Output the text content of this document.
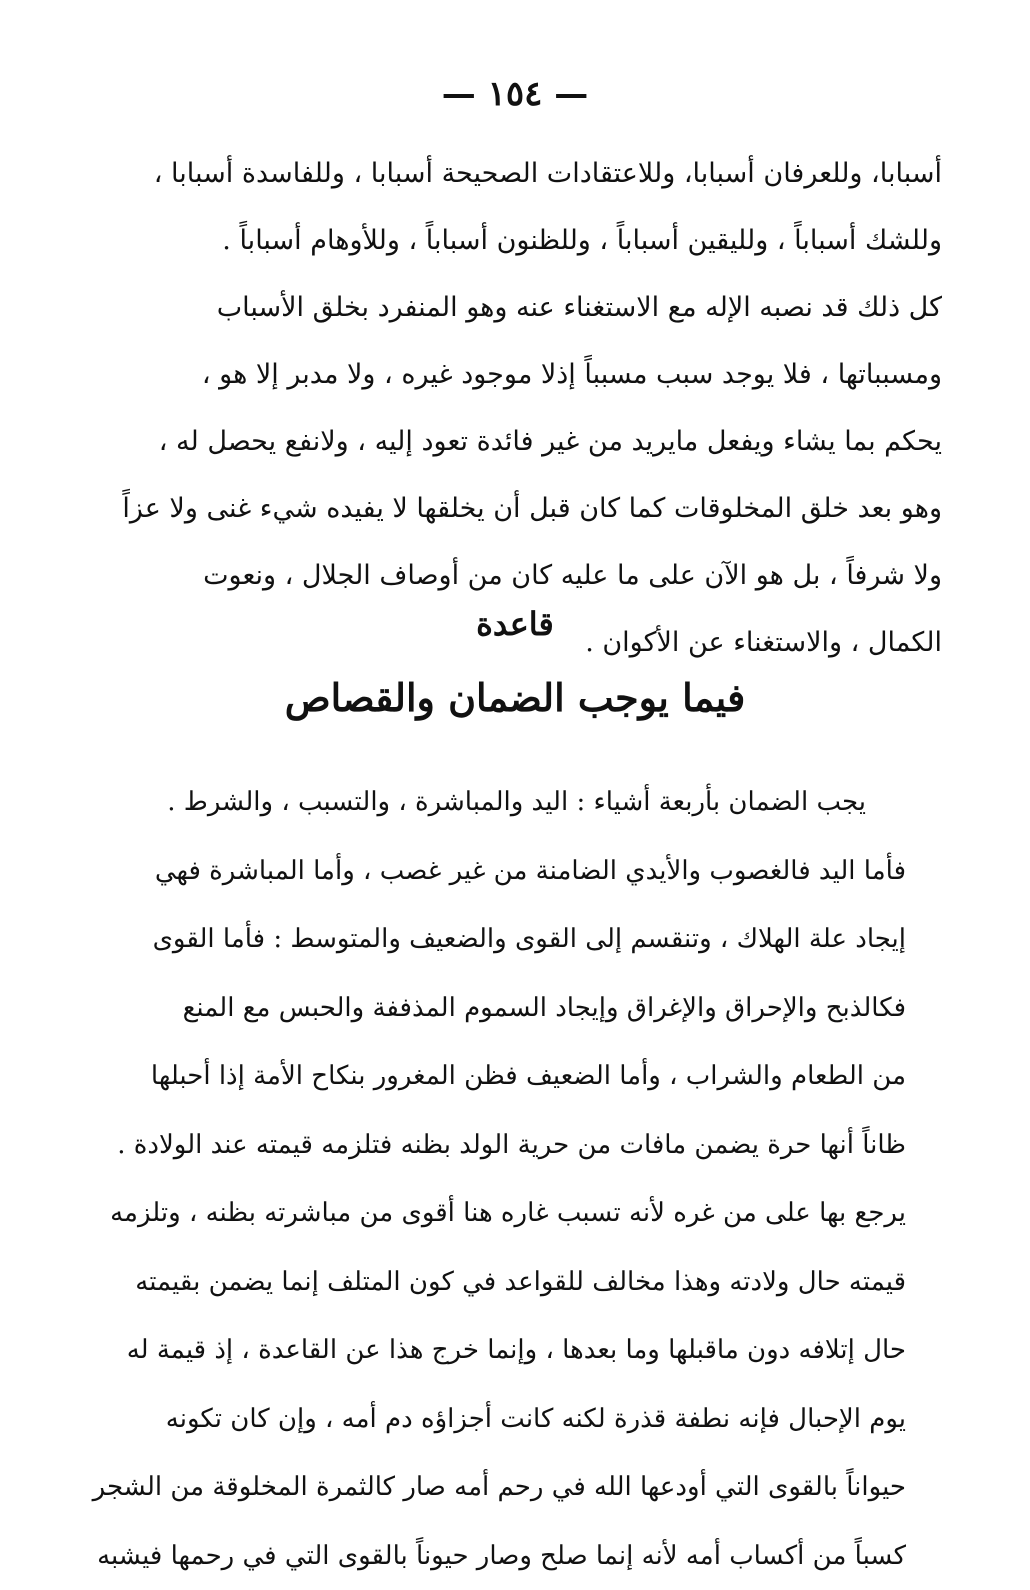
— ١٥٤ —
أسبابا، وللعرفان أسبابا، وللاعتقادات الصحيحة أسبابا ، وللفاسدة أسبابا ،
وللشك أسباباً ، ولليقين أسباباً ، وللظنون أسباباً ، وللأوهام أسباباً .
كل ذلك قد نصبه الإله مع الاستغناء عنه وهو المنفرد بخلق الأسباب
ومسبباتها ، فلا يوجد سبب مسبباً إذلا موجود غيره ، ولا مدبر إلا هو ،
يحكم بما يشاء ويفعل مايريد من غير فائدة تعود إليه ، ولانفع يحصل له ،
وهو بعد خلق المخلوقات كما كان قبل أن يخلقها لا يفيده شيء غنى ولا عزاً
ولا شرفاً ، بل هو الآن على ما عليه كان من أوصاف الجلال ، ونعوت
الكمال ، والاستغناء عن الأكوان .
قاعدة
فيما يوجب الضمان والقصاص
يجب الضمان بأربعة أشياء : اليد والمباشرة ، والتسبب ، والشرط .
فأما اليد فالغصوب والأيدي الضامنة من غير غصب ، وأما المباشرة فهي
إيجاد علة الهلاك ، وتنقسم إلى القوى والضعيف والمتوسط : فأما القوى
فكالذبح والإحراق والإغراق وإيجاد السموم المذففة والحبس مع المنع
من الطعام والشراب ، وأما الضعيف فظن المغرور بنكاح الأمة إذا أحبلها
ظاناً أنها حرة يضمن مافات من حرية الولد بظنه فتلزمه قيمته عند الولادة .
يرجع بها على من غره لأنه تسبب غاره هنا أقوى من مباشرته بظنه ، وتلزمه
قيمته حال ولادته وهذا مخالف للقواعد في كون المتلف إنما يضمن بقيمته
حال إتلافه دون ماقبلها وما بعدها ، وإنما خرج هذا عن القاعدة ، إذ قيمة له
يوم الإحبال فإنه نطفة قذرة لكنه كانت أجزاؤه دم أمه ، وإن كان تكونه
حيواناً بالقوى التي أودعها الله في رحم أمه صار كالثمرة المخلوقة من الشجر
كسباً من أكساب أمه لأنه إنما صلح وصار حيوناً بالقوى التي في رحمها فيشبه
